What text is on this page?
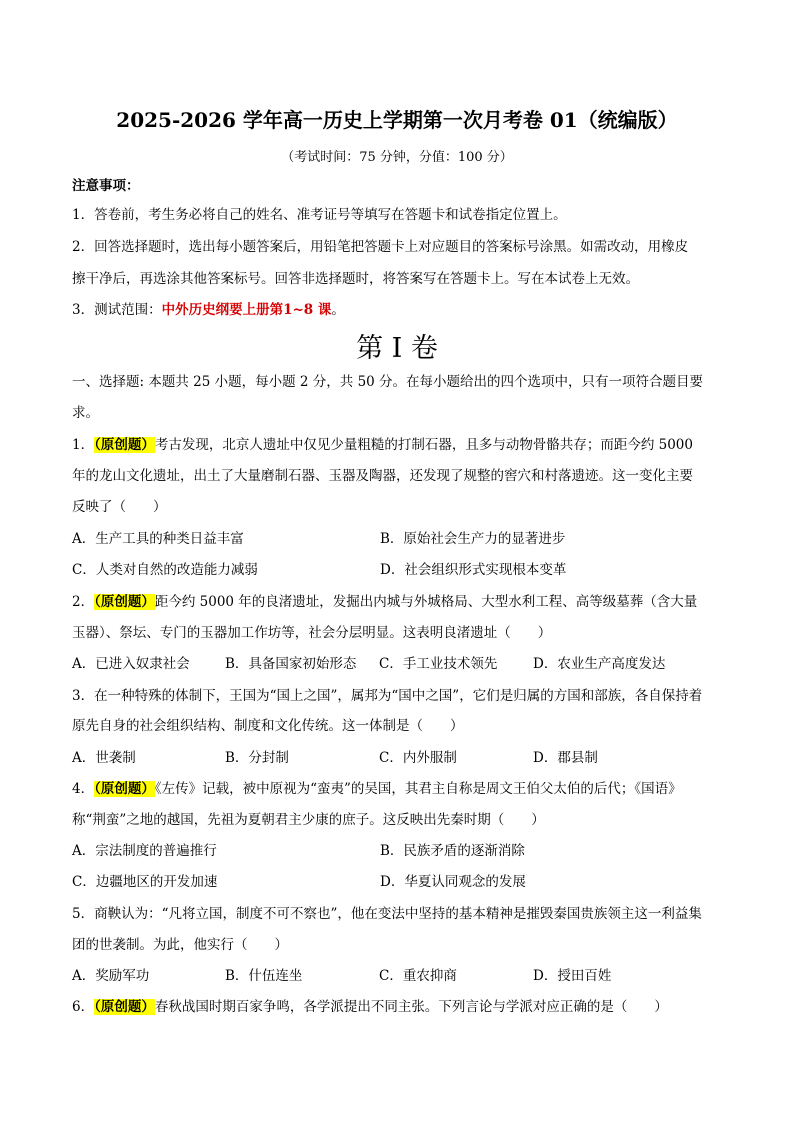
2025-2026 学年高一历史上学期第一次月考卷 01（统编版）
（考试时间：75 分钟，分值：100 分）
注意事项：
1．答卷前，考生务必将自己的姓名、准考证号等填写在答题卡和试卷指定位置上。
2．回答选择题时，选出每小题答案后，用铅笔把答题卡上对应题目的答案标号涂黑。如需改动，用橡皮
擦干净后，再选涂其他答案标号。回答非选择题时，将答案写在答题卡上。写在本试卷上无效。
3．测试范围：中外历史纲要上册第1~8 课。
第 I 卷
一、选择题: 本题共 25 小题，每小题 2 分，共 50 分。在每小题给出的四个选项中，只有一项符合题目要
求。
1．（原创题）考古发现，北京人遗址中仅见少量粗糙的打制石器，且多与动物骨骼共存；而距今约 5000
年的龙山文化遗址，出土了大量磨制石器、玉器及陶器，还发现了规整的窖穴和村落遗迹。这一变化主要
反映了（　　）
A．生产工具的种类日益丰富	B．原始社会生产力的显著进步
C．人类对自然的改造能力减弱	D．社会组织形式实现根本变革
2．（原创题）距今约 5000 年的良渚遗址，发掘出内城与外城格局、大型水利工程、高等级墓葬（含大量
玉器）、祭坛、专门的玉器加工作坊等，社会分层明显。这表明良渚遗址（　　）
A．已进入奴隶社会	B．具备国家初始形态 C．手工业技术领先	D．农业生产高度发达
3．在一种特殊的体制下，王国为“国上之国”，属邦为“国中之国”，它们是归属的方国和部族，各自保持着
原先自身的社会组织结构、制度和文化传统。这一体制是（　　）
A．世袭制	B．分封制	C．内外服制	D．郡县制
4．（原创题）《左传》记载，被中原视为“蛮夷”的吴国，其君主自称是周文王伯父太伯的后代；《国语》
称“荆蛮”之地的越国，先祖为夏朝君主少康的庶子。这反映出先秦时期（　　）
A．宗法制度的普遍推行	B．民族矛盾的逐渐消除
C．边疆地区的开发加速	D．华夏认同观念的发展
5．商鞅认为：“凡将立国，制度不可不察也”，他在变法中坚持的基本精神是摧毁秦国贵族领主这一利益集
团的世袭制。为此，他实行（　　）
A．奖励军功	B．什伍连坐	C．重农抑商	D．授田百姓
6．（原创题）春秋战国时期百家争鸣，各学派提出不同主张。下列言论与学派对应正确的是（　　）
